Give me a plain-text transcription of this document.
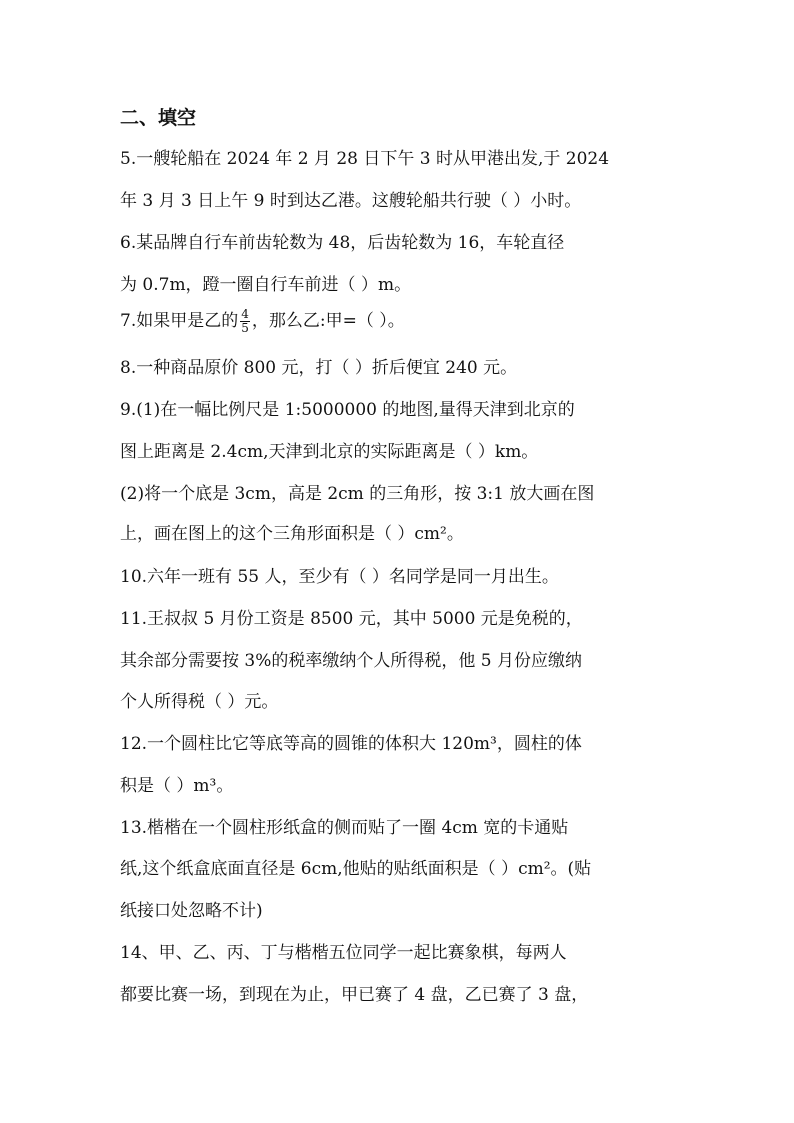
二、填空
5.一艘轮船在 2024 年 2 月 28 日下午 3 时从甲港出发,于 2024
年 3 月 3 日上午 9 时到达乙港。这艘轮船共行驶（ ）小时。
6.某品牌自行车前齿轮数为 48，后齿轮数为 16，车轮直径
为 0.7m，蹬一圈自行车前进（ ）m。
7.如果甲是乙的 $\frac{4}{5}$ ，那么乙:甲=（ ）。
8.一种商品原价 800 元，打（ ）折后便宜 240 元。
9.(1)在一幅比例尺是 1:5000000 的地图,量得天津到北京的
图上距离是 2.4cm,天津到北京的实际距离是（ ）km。
(2)将一个底是 3cm，高是 2cm 的三角形，按 3:1 放大画在图
上，画在图上的这个三角形面积是（ ）cm²。
10.六年一班有 55 人，至少有（ ）名同学是同一月出生。
11.王叔叔 5 月份工资是 8500 元，其中 5000 元是免税的，
其余部分需要按 3%的税率缴纳个人所得税，他 5 月份应缴纳
个人所得税（ ）元。
12.一个圆柱比它等底等高的圆锥的体积大 120m³，圆柱的体
积是（ ）m³。
13.楷楷在一个圆柱形纸盒的侧而贴了一圈 4cm 宽的卡通贴
纸,这个纸盒底面直径是 6cm,他贴的贴纸面积是（ ）cm²。(贴
纸接口处忽略不计)
14、甲、乙、丙、丁与楷楷五位同学一起比赛象棋，每两人
都要比赛一场，到现在为止，甲已赛了 4 盘，乙已赛了 3 盘，
